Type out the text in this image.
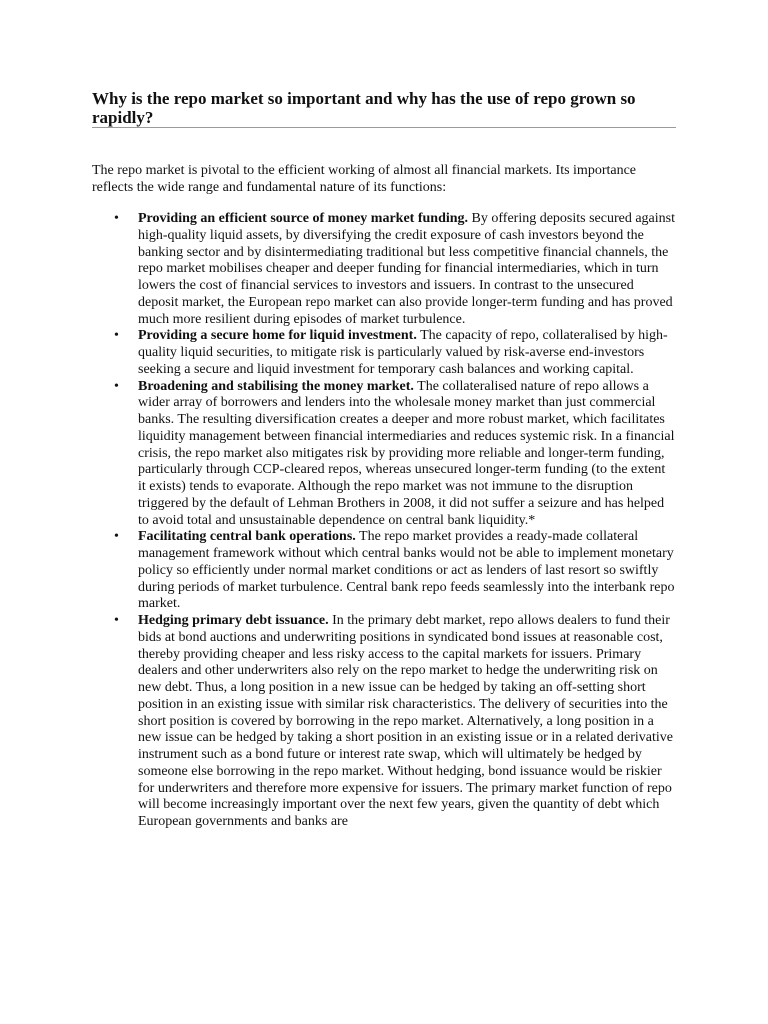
Why is the repo market so important and why has the use of repo grown so rapidly?

The repo market is pivotal to the efficient working of almost all financial markets. Its importance reflects the wide range and fundamental nature of its functions:

• Providing an efficient source of money market funding. By offering deposits secured against high-quality liquid assets, by diversifying the credit exposure of cash investors beyond the banking sector and by disintermediating traditional but less competitive financial channels, the repo market mobilises cheaper and deeper funding for financial intermediaries, which in turn lowers the cost of financial services to investors and issuers. In contrast to the unsecured deposit market, the European repo market can also provide longer-term funding and has proved much more resilient during episodes of market turbulence.
• Providing a secure home for liquid investment. The capacity of repo, collateralised by high-quality liquid securities, to mitigate risk is particularly valued by risk-averse end-investors seeking a secure and liquid investment for temporary cash balances and working capital.
• Broadening and stabilising the money market. The collateralised nature of repo allows a wider array of borrowers and lenders into the wholesale money market than just commercial banks. The resulting diversification creates a deeper and more robust market, which facilitates liquidity management between financial intermediaries and reduces systemic risk. In a financial crisis, the repo market also mitigates risk by providing more reliable and longer-term funding, particularly through CCP-cleared repos, whereas unsecured longer-term funding (to the extent it exists) tends to evaporate. Although the repo market was not immune to the disruption triggered by the default of Lehman Brothers in 2008, it did not suffer a seizure and has helped to avoid total and unsustainable dependence on central bank liquidity.*
• Facilitating central bank operations. The repo market provides a ready-made collateral management framework without which central banks would not be able to implement monetary policy so efficiently under normal market conditions or act as lenders of last resort so swiftly during periods of market turbulence. Central bank repo feeds seamlessly into the interbank repo market.
• Hedging primary debt issuance. In the primary debt market, repo allows dealers to fund their bids at bond auctions and underwriting positions in syndicated bond issues at reasonable cost, thereby providing cheaper and less risky access to the capital markets for issuers. Primary dealers and other underwriters also rely on the repo market to hedge the underwriting risk on new debt. Thus, a long position in a new issue can be hedged by taking an off-setting short position in an existing issue with similar risk characteristics. The delivery of securities into the short position is covered by borrowing in the repo market. Alternatively, a long position in a new issue can be hedged by taking a short position in an existing issue or in a related derivative instrument such as a bond future or interest rate swap, which will ultimately be hedged by someone else borrowing in the repo market. Without hedging, bond issuance would be riskier for underwriters and therefore more expensive for issuers. The primary market function of repo will become increasingly important over the next few years, given the quantity of debt which European governments and banks are
